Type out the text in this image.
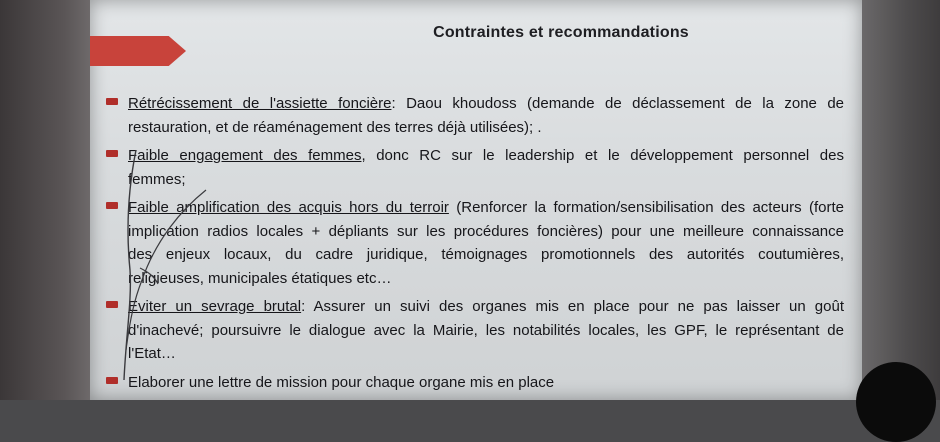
Contraintes et recommandations
Rétrécissement de l'assiette foncière: Daou khoudoss (demande de déclassement de la zone de
restauration, et de réaménagement des terres déjà utilisées); .
Faible engagement des femmes, donc RC sur le leadership et le développement personnel des
femmes;
Faible amplification des acquis hors du terroir (Renforcer la formation/sensibilisation des acteurs (forte
implication radios locales + dépliants sur les procédures foncières) pour une meilleure connaissance
des enjeux locaux, du cadre juridique, témoignages promotionnels des autorités coutumières,
religieuses, municipales étatiques etc…
Eviter un sevrage brutal: Assurer un suivi des organes mis en place pour ne pas laisser un goût
d'inachevé; poursuivre le dialogue avec la Mairie, les notabilités locales, les GPF, le représentant de
l'Etat…
Elaborer une lettre de mission pour chaque organe mis en place
